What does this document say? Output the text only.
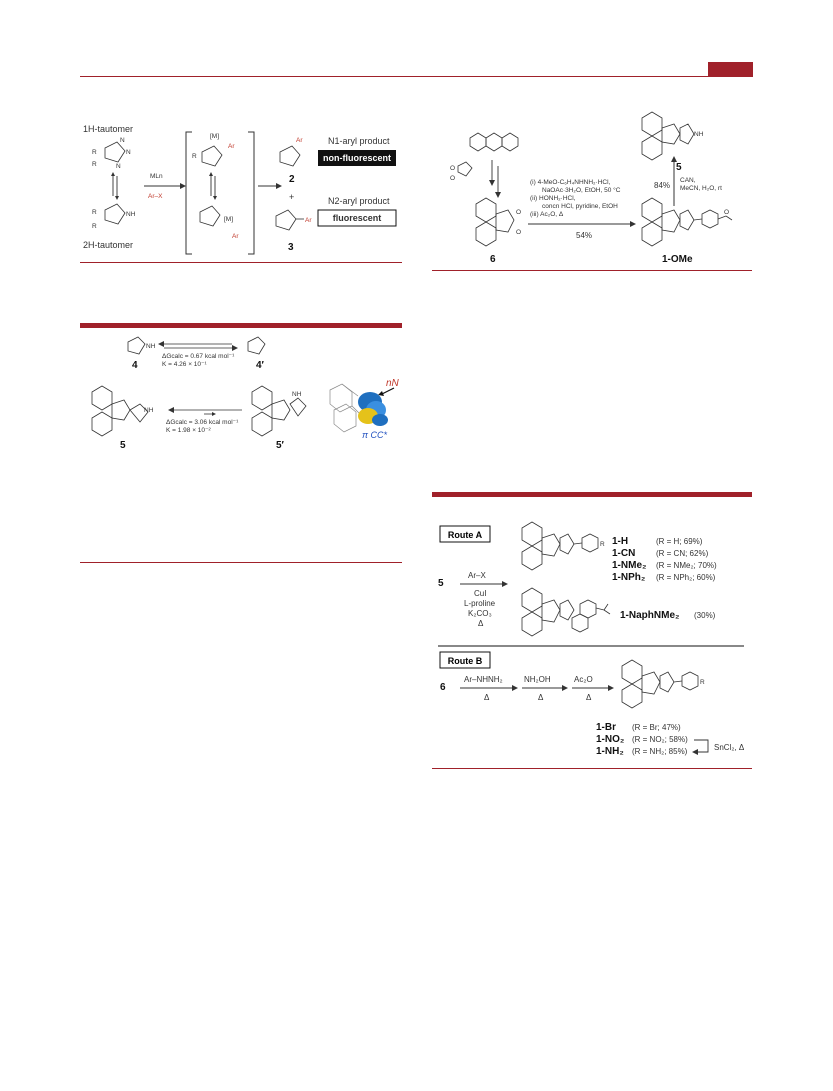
1H-tautomer
2H-tautomer
R
R
N
N
N
R
R
NH
MLn
Ar–X
[M]
Ar
R
[M]
Ar
Ar
2
+
Ar
3
N1-aryl product
non-fluorescent
N2-aryl product
fluorescent
NH
4
ΔGcalc = 0.67 kcal mol⁻¹
K = 4.26 × 10⁻¹	4′
NH
5
ΔGcalc = 3.06 kcal mol⁻¹
K = 1.98 × 10⁻²
NH
5′
nN
π CC*
O
O
O
O
6
(i) 4-MeO-C₆H₄NHNH₂·HCl,
NaOAc·3H₂O, EtOH, 50 °C
(ii) HONH₂·HCl,
concn HCl, pyridine, EtOH
(iii) Ac₂O, Δ
54%
O
1-OMe
84%
CAN,
MeCN, H₂O, rt
NH
5
Route A
5
Ar–X
CuI
L-proline
K₂CO₃
Δ
R 1-H	(R = H; 69%)
1-CN	(R = CN; 62%)
1-NMe₂ (R = NMe₂; 70%)
1-NPh₂ (R = NPh₂; 60%)
1-NaphNMe₂ (30%)
Route B
6
Ar–NHNH₂
Δ
NH₂OH
Δ
Ac₂O
Δ
R
1-Br (R = Br; 47%)
1-NO₂ (R = NO₂; 58%)
1-NH₂ (R = NH₂; 85%)	SnCl₂, Δ
